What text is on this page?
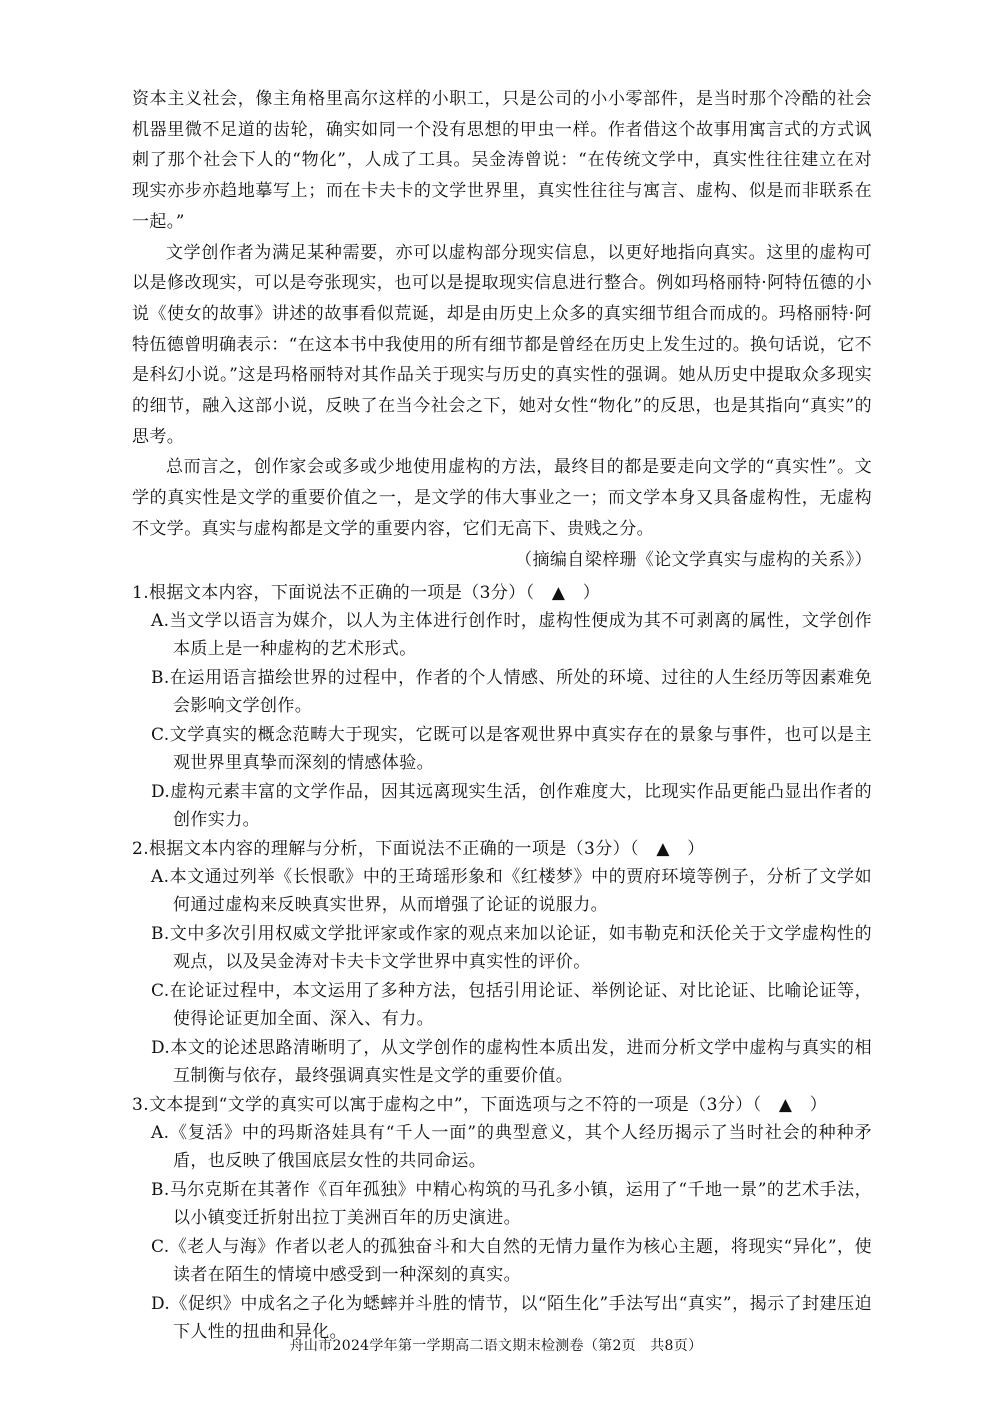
资本主义社会，像主角格里高尔这样的小职工，只是公司的小小零部件，是当时那个冷酷的社会机器里微不足道的齿轮，确实如同一个没有思想的甲虫一样。作者借这个故事用寓言式的方式讽刺了那个社会下人的“物化”，人成了工具。吴金涛曾说：“在传统文学中，真实性往往建立在对现实亦步亦趋地摹写上；而在卡夫卡的文学世界里，真实性往往与寓言、虚构、似是而非联系在一起。”

文学创作者为满足某种需要，亦可以虚构部分现实信息，以更好地指向真实。这里的虚构可以是修改现实，可以是夸张现实，也可以是提取现实信息进行整合。例如玛格丽特·阿特伍德的小说《使女的故事》讲述的故事看似荒诞，却是由历史上众多的真实细节组合而成的。玛格丽特·阿特伍德曾明确表示：“在这本书中我使用的所有细节都是曾经在历史上发生过的。换句话说，它不是科幻小说。”这是玛格丽特对其作品关于现实与历史的真实性的强调。她从历史中提取众多现实的细节，融入这部小说，反映了在当今社会之下，她对女性“物化”的反思，也是其指向“真实”的思考。

总而言之，创作家会或多或少地使用虚构的方法，最终目的都是要走向文学的“真实性”。文学的真实性是文学的重要价值之一，是文学的伟大事业之一；而文学本身又具备虚构性，无虚构不文学。真实与虚构都是文学的重要内容，它们无高下、贵贱之分。

（摘编自梁梓珊《论文学真实与虚构的关系》）

1.根据文本内容，下面说法不正确的一项是（3分）（　▲　）

A.当文学以语言为媒介，以人为主体进行创作时，虚构性便成为其不可剥离的属性，文学创作本质上是一种虚构的艺术形式。

B.在运用语言描绘世界的过程中，作者的个人情感、所处的环境、过往的人生经历等因素难免会影响文学创作。

C.文学真实的概念范畴大于现实，它既可以是客观世界中真实存在的景象与事件，也可以是主观世界里真挚而深刻的情感体验。

D.虚构元素丰富的文学作品，因其远离现实生活，创作难度大，比现实作品更能凸显出作者的创作实力。

2.根据文本内容的理解与分析，下面说法不正确的一项是（3分）（　▲　）

A.本文通过列举《长恨歌》中的王琦瑶形象和《红楼梦》中的贾府环境等例子，分析了文学如何通过虚构来反映真实世界，从而增强了论证的说服力。

B.文中多次引用权威文学批评家或作家的观点来加以论证，如韦勒克和沃伦关于文学虚构性的观点，以及吴金涛对卡夫卡文学世界中真实性的评价。

C.在论证过程中，本文运用了多种方法，包括引用论证、举例论证、对比论证、比喻论证等，使得论证更加全面、深入、有力。

D.本文的论述思路清晰明了，从文学创作的虚构性本质出发，进而分析文学中虚构与真实的相互制衡与依存，最终强调真实性是文学的重要价值。

3.文本提到“文学的真实可以寓于虚构之中”，下面选项与之不符的一项是（3分）（　▲　）

A.《复活》中的玛斯洛娃具有“千人一面”的典型意义，其个人经历揭示了当时社会的种种矛盾，也反映了俄国底层女性的共同命运。

B.马尔克斯在其著作《百年孤独》中精心构筑的马孔多小镇，运用了“千地一景”的艺术手法，以小镇变迁折射出拉丁美洲百年的历史演进。

C.《老人与海》作者以老人的孤独奋斗和大自然的无情力量作为核心主题，将现实“异化”，使读者在陌生的情境中感受到一种深刻的真实。

D.《促织》中成名之子化为蟋蟀并斗胜的情节，以“陌生化”手法写出“真实”，揭示了封建压迫下人性的扭曲和异化。

舟山市2024学年第一学期高二语文期末检测卷（第2页　共8页）
